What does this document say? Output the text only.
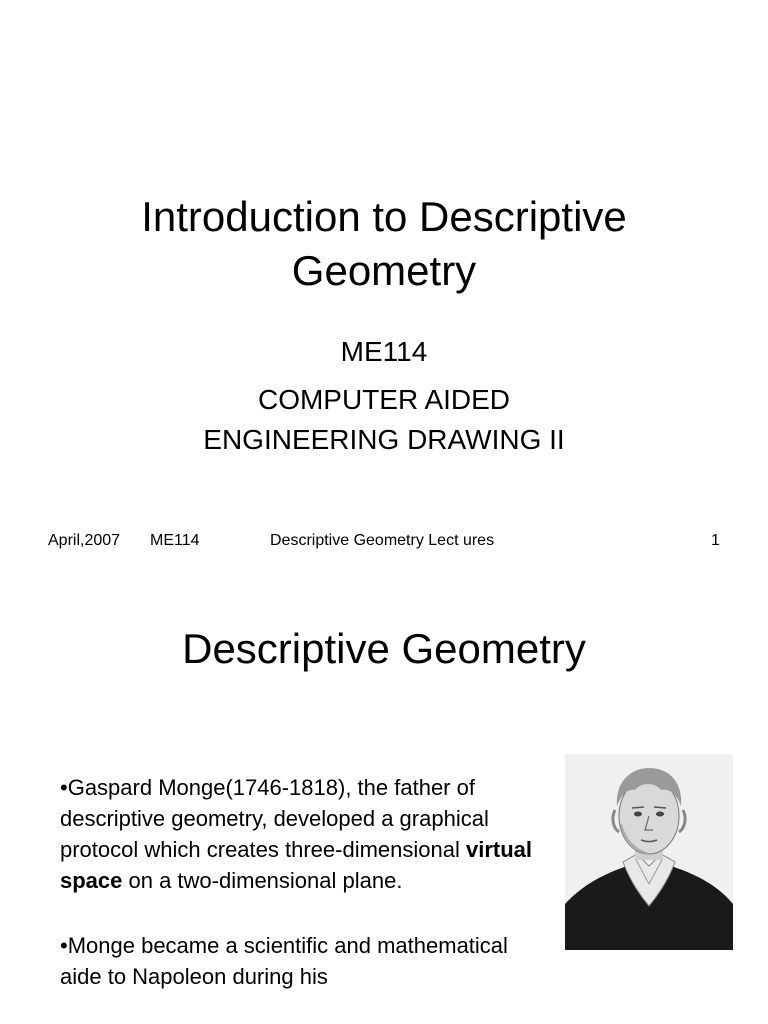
Introduction to Descriptive
Geometry
ME114
COMPUTER AIDED
ENGINEERING DRAWING II
April,2007 ME114	Descriptive Geometry Lect ures	1
Descriptive Geometry

•Gaspard Monge(1746-1818), the father of descriptive geometry, developed a graphical protocol which creates three-dimensional virtual space on a two-dimensional plane.

•Monge became a scientific and mathematical aide to Napoleon during his
